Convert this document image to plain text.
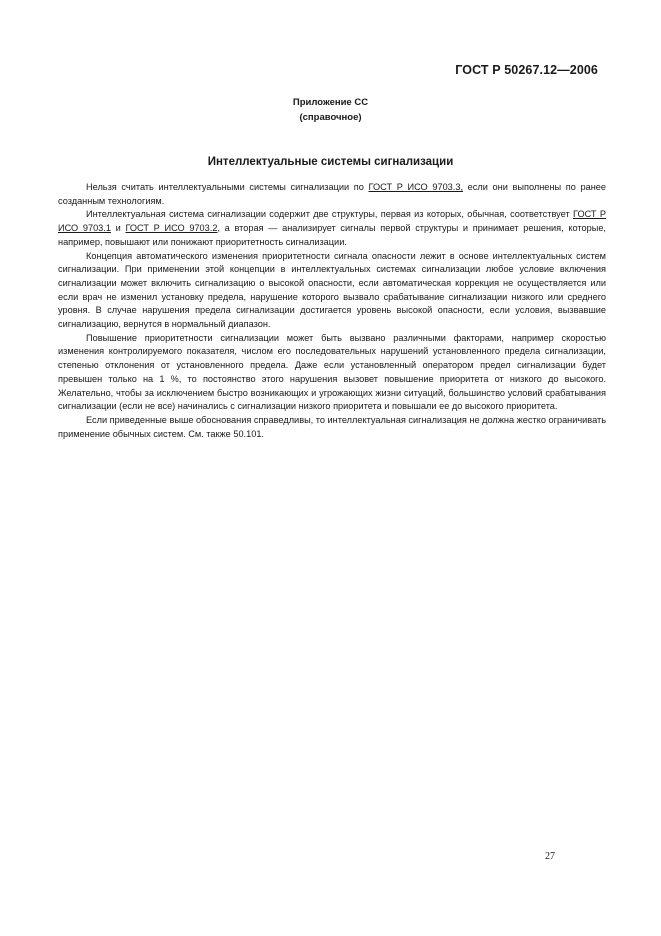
ГОСТ Р 50267.12—2006
Приложение СС
(справочное)
Интеллектуальные системы сигнализации

Нельзя считать интеллектуальными системы сигнализации по ГОСТ Р ИСО 9703.3, если они выполнены по ранее созданным технологиям.

Интеллектуальная система сигнализации содержит две структуры, первая из которых, обычная, соответствует ГОСТ Р ИСО 9703.1 и ГОСТ Р ИСО 9703.2, а вторая — анализирует сигналы первой структуры и принимает решения, которые, например, повышают или понижают приоритетность сигнализации.

Концепция автоматического изменения приоритетности сигнала опасности лежит в основе интеллектуальных систем сигнализации. При применении этой концепции в интеллектуальных системах сигнализации любое условие включения сигнализации может включить сигнализацию о высокой опасности, если автоматическая коррекция не осуществляется или если врач не изменил установку предела, нарушение которого вызвало срабатывание сигнализации низкого или среднего уровня. В случае нарушения предела сигнализации достигается уровень высокой опасности, если условия, вызвавшие сигнализацию, вернутся в нормальный диапазон.

Повышение приоритетности сигнализации может быть вызвано различными факторами, например скоростью изменения контролируемого показателя, числом его последовательных нарушений установленного предела сигнализации, степенью отклонения от установленного предела. Даже если установленный оператором предел сигнализации будет превышен только на 1 %, то постоянство этого нарушения вызовет повышение приоритета от низкого до высокого. Желательно, чтобы за исключением быстро возникающих и угрожающих жизни ситуаций, большинство условий срабатывания сигнализации (если не все) начинались с сигнализации низкого приоритета и повышали ее до высокого приоритета.

Если приведенные выше обоснования справедливы, то интеллектуальная сигнализация не должна жестко ограничивать применение обычных систем. См. также 50.101.

27
